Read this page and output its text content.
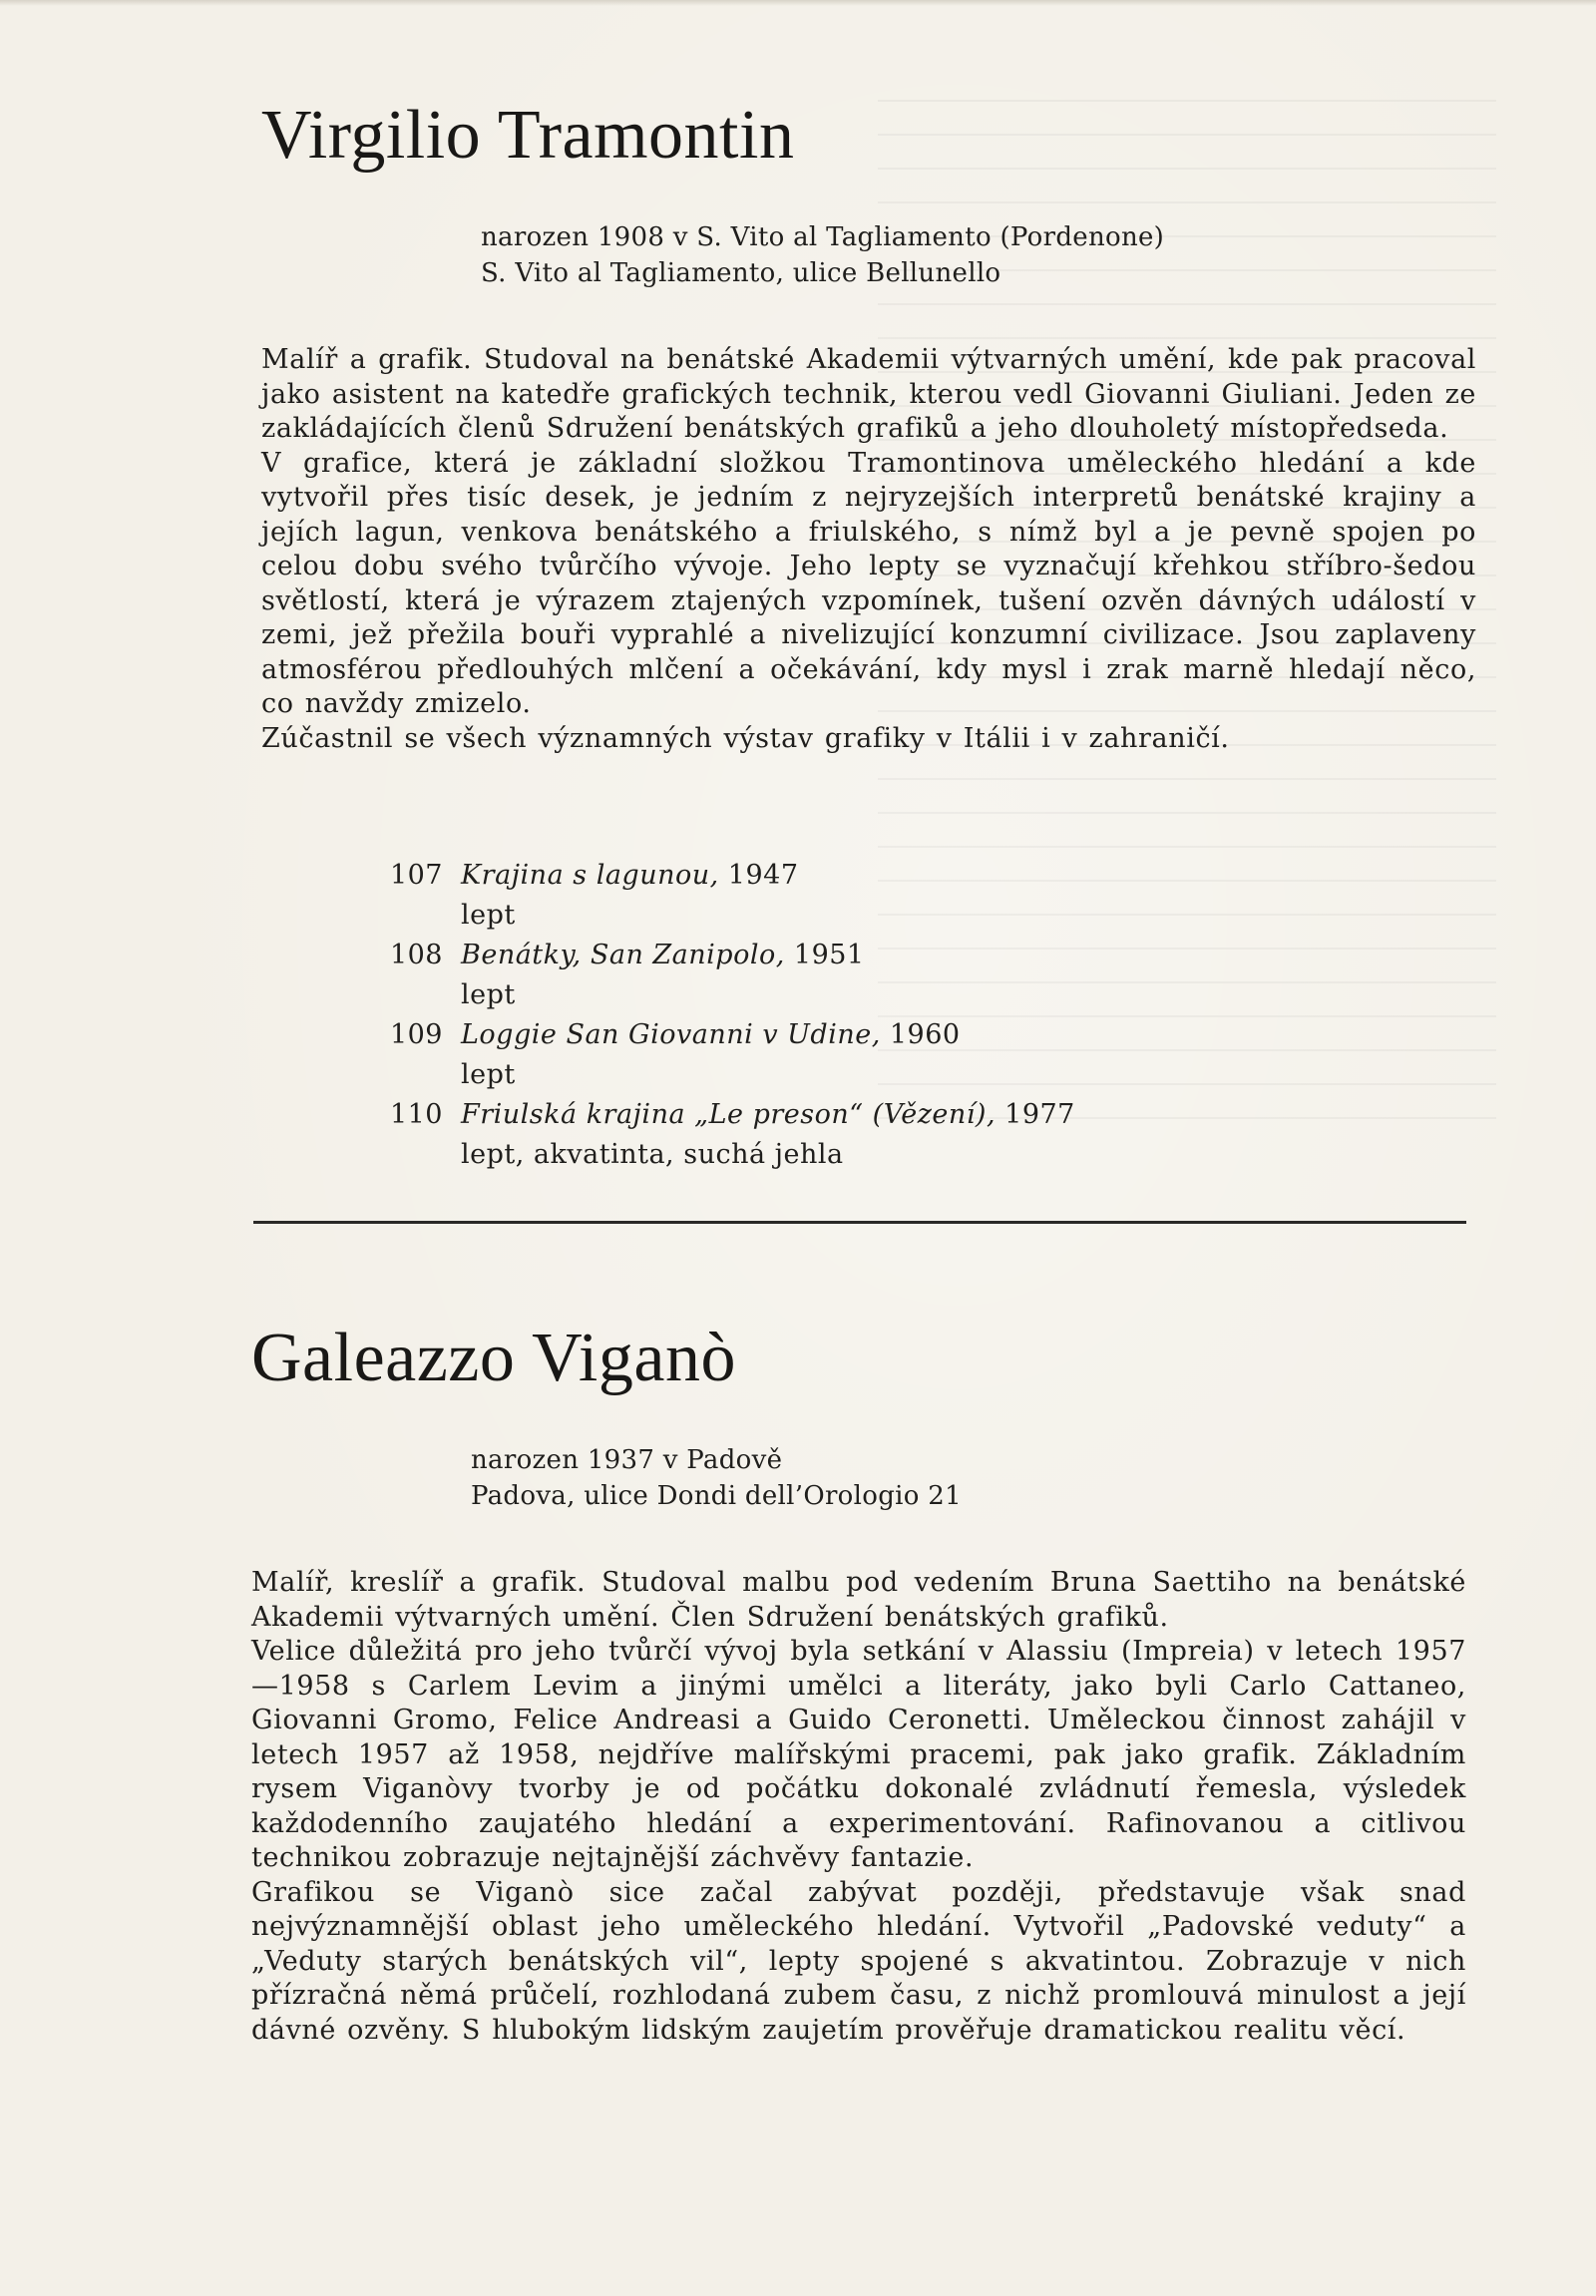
Virgilio Tramontin
narozen 1908 v S. Vito al Tagliamento (Pordenone)
S. Vito al Tagliamento, ulice Bellunello

Malíř a grafik. Studoval na benátské Akademii výtvarných umění, kde pak pracoval jako asistent na katedře grafických technik, kterou vedl Giovanni Giuliani. Jeden ze zakládajících členů Sdružení benátských grafiků a jeho dlouholetý místopředseda.

V grafice, která je základní složkou Tramontinova uměleckého hledání a kde vytvořil přes tisíc desek, je jedním z nejryzejších interpretů benátské krajiny a jejích lagun, venkova benátského a friulského, s nímž byl a je pevně spojen po celou dobu svého tvůrčího vývoje. Jeho lepty se vyznačují křehkou stříbro-šedou světlostí, která je výrazem ztajených vzpomínek, tušení ozvěn dávných událostí v zemi, jež přežila bouři vyprahlé a nivelizující konzumní civilizace. Jsou zaplaveny atmosférou předlouhých mlčení a očekávání, kdy mysl i zrak marně hledají něco, co navždy zmizelo.

Zúčastnil se všech významných výstav grafiky v Itálii i v zahraničí.

107 Krajina s lagunou, 1947
lept
108 Benátky, San Zanipolo, 1951
lept
109 Loggie San Giovanni v Udine, 1960
lept
110 Friulská krajina „Le preson“ (Vězení), 1977
lept, akvatinta, suchá jehla
Galeazzo Viganò
narozen 1937 v Padově
Padova, ulice Dondi dell’Orologio 21

Malíř, kreslíř a grafik. Studoval malbu pod vedením Bruna Saettiho na benátské Akademii výtvarných umění. Člen Sdružení benátských grafiků.

Velice důležitá pro jeho tvůrčí vývoj byla setkání v Alassiu (Impreia) v letech 1957—1958 s Carlem Levim a jinými umělci a literáty, jako byli Carlo Cattaneo, Giovanni Gromo, Felice Andreasi a Guido Ceronetti. Uměleckou činnost zahájil v letech 1957 až 1958, nejdříve malířskými pracemi, pak jako grafik. Základním rysem Viganòvy tvorby je od počátku dokonalé zvládnutí řemesla, výsledek každodenního zaujatého hledání a experimentování. Rafinovanou a citlivou technikou zobrazuje nejtajnější záchvěvy fantazie.

Grafikou se Viganò sice začal zabývat později, představuje však snad nejvýznamnější oblast jeho uměleckého hledání. Vytvořil „Padovské veduty“ a „Veduty starých benátských vil“, lepty spojené s akvatintou. Zobrazuje v nich přízračná němá průčelí, rozhlodaná zubem času, z nichž promlouvá minulost a její dávné ozvěny. S hlubokým lidským zaujetím prověřuje dramatickou realitu věcí.
